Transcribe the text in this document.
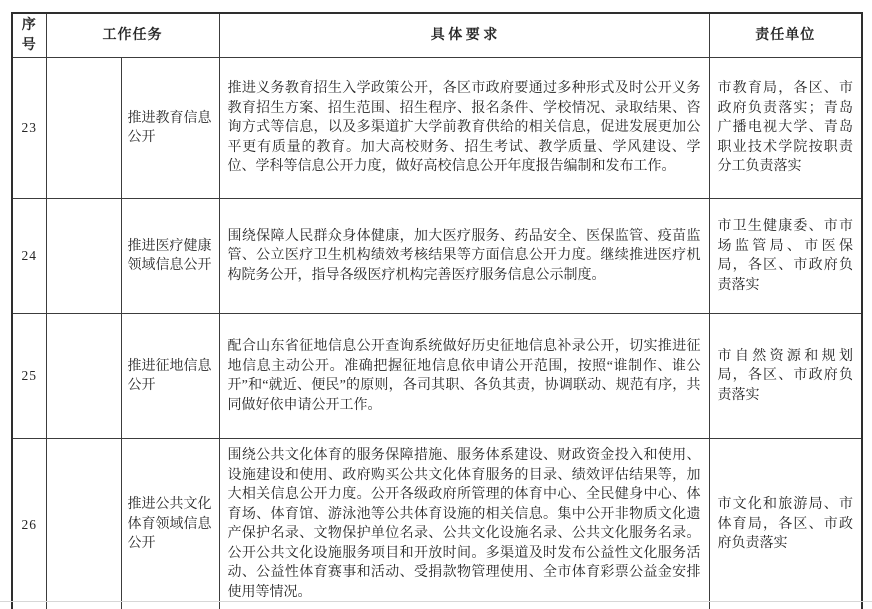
序号	工作任务		具 体 要 求	责任单位
23		推进教育信息公开	推进义务教育招生入学政策公开，各区市政府要通过多种形式及时公开义务教育招生方案、招生范围、招生程序、报名条件、学校情况、录取结果、咨询方式等信息，以及多渠道扩大学前教育供给的相关信息，促进发展更加公平更有质量的教育。加大高校财务、招生考试、教学质量、学风建设、学位、学科等信息公开力度，做好高校信息公开年度报告编制和发布工作。	市教育局，各区、市政府负责落实；青岛广播电视大学、青岛职业技术学院按职责分工负责落实
24		推进医疗健康领域信息公开	围绕保障人民群众身体健康，加大医疗服务、药品安全、医保监管、疫苗监管、公立医疗卫生机构绩效考核结果等方面信息公开力度。继续推进医疗机构院务公开，指导各级医疗机构完善医疗服务信息公示制度。	市卫生健康委、市市场监管局、市医保局，各区、市政府负责落实
25		推进征地信息公开	配合山东省征地信息公开查询系统做好历史征地信息补录公开，切实推进征地信息主动公开。准确把握征地信息依申请公开范围，按照“谁制作、谁公开”和“就近、便民”的原则，各司其职、各负其责，协调联动、规范有序，共同做好依申请公开工作。	市自然资源和规划局，各区、市政府负责落实
26		推进公共文化体育领域信息公开	围绕公共文化体育的服务保障措施、服务体系建设、财政资金投入和使用、设施建设和使用、政府购买公共文化体育服务的目录、绩效评估结果等，加大相关信息公开力度。公开各级政府所管理的体育中心、全民健身中心、体育场、体育馆、游泳池等公共体育设施的相关信息。集中公开非物质文化遗产保护名录、文物保护单位名录、公共文化设施名录、公共文化服务名录。公开公共文化设施服务项目和开放时间。多渠道及时发布公益性文化服务活动、公益性体育赛事和活动、受捐款物管理使用、全市体育彩票公益金安排使用等情况。	市文化和旅游局、市体育局，各区、市政府负责落实
